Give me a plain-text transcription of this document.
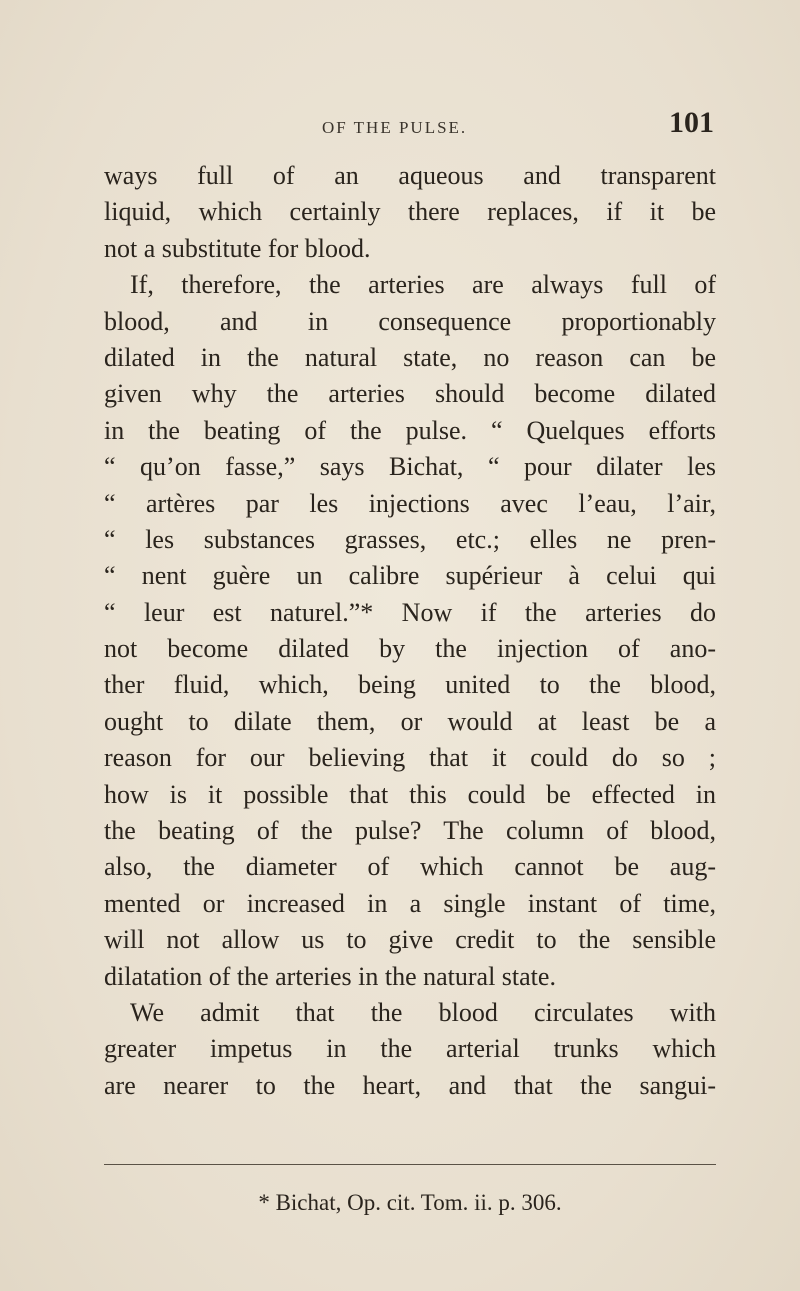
OF THE PULSE.	101
ways full of an aqueous and transparent
liquid, which certainly there replaces, if it be
not a substitute for blood.
If, therefore, the arteries are always full of
blood, and in consequence proportionably
dilated in the natural state, no reason can be
given why the arteries should become dilated
in the beating of the pulse. “ Quelques efforts
“ qu’on fasse,” says Bichat, “ pour dilater les
“ artères par les injections avec l’eau, l’air,
“ les substances grasses, etc.; elles ne pren-
“ nent guère un calibre supérieur à celui qui
“ leur est naturel.”* Now if the arteries do
not become dilated by the injection of ano-
ther fluid, which, being united to the blood,
ought to dilate them, or would at least be a
reason for our believing that it could do so ;
how is it possible that this could be effected in
the beating of the pulse? The column of blood,
also, the diameter of which cannot be aug-
mented or increased in a single instant of time,
will not allow us to give credit to the sensible
dilatation of the arteries in the natural state.
We admit that the blood circulates with
greater impetus in the arterial trunks which
are nearer to the heart, and that the sangui-
* Bichat, Op. cit. Tom. ii. p. 306.
